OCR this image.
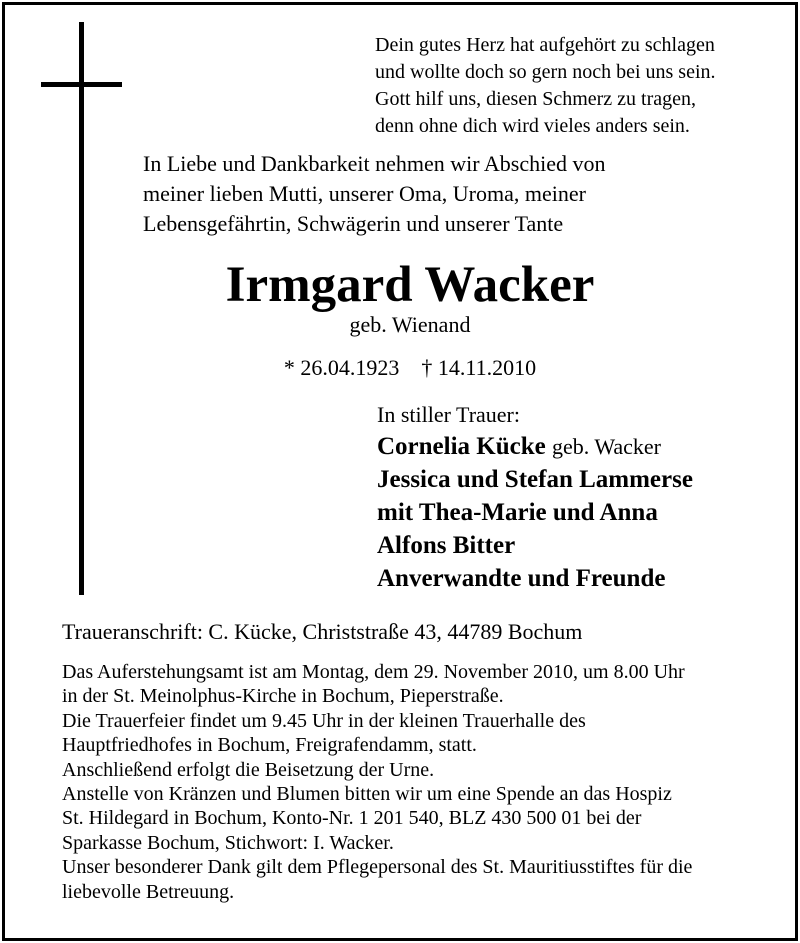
Dein gutes Herz hat aufgehört zu schlagen
und wollte doch so gern noch bei uns sein.
Gott hilf uns, diesen Schmerz zu tragen,
denn ohne dich wird vieles anders sein.
In Liebe und Dankbarkeit nehmen wir Abschied von
meiner lieben Mutti, unserer Oma, Uroma, meiner
Lebensgefährtin, Schwägerin und unserer Tante
Irmgard Wacker
geb. Wienand
* 26.04.1923 † 14.11.2010
In stiller Trauer:
Cornelia Kücke geb. Wacker
Jessica und Stefan Lammerse
mit Thea-Marie und Anna
Alfons Bitter
Anverwandte und Freunde
Traueranschrift: C. Kücke, Christstraße 43, 44789 Bochum
Das Auferstehungsamt ist am Montag, dem 29. November 2010, um 8.00 Uhr
in der St. Meinolphus-Kirche in Bochum, Pieperstraße.
Die Trauerfeier findet um 9.45 Uhr in der kleinen Trauerhalle des
Hauptfriedhofes in Bochum, Freigrafendamm, statt.
Anschließend erfolgt die Beisetzung der Urne.
Anstelle von Kränzen und Blumen bitten wir um eine Spende an das Hospiz
St. Hildegard in Bochum, Konto-Nr. 1 201 540, BLZ 430 500 01 bei der
Sparkasse Bochum, Stichwort: I. Wacker.
Unser besonderer Dank gilt dem Pflegepersonal des St. Mauritiusstiftes für die
liebevolle Betreuung.
